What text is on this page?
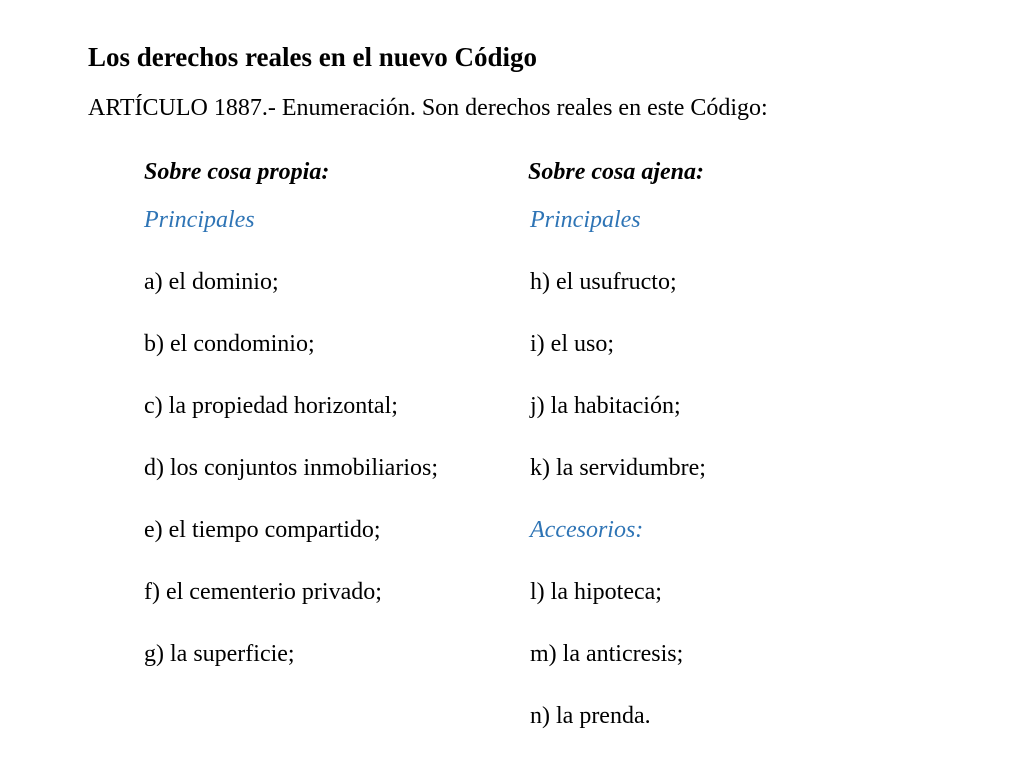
Los derechos reales en el nuevo Código
ARTÍCULO 1887.- Enumeración. Son derechos reales en este Código:
Sobre cosa propia:
Principales
a) el dominio;
b) el condominio;
c) la propiedad horizontal;
d) los conjuntos inmobiliarios;
e) el tiempo compartido;
f) el cementerio privado;
g) la superficie;
Sobre cosa ajena:
Principales
h) el usufructo;
i) el uso;
j) la habitación;
k) la servidumbre;
Accesorios:
l) la hipoteca;
m) la anticresis;
n) la prenda.
